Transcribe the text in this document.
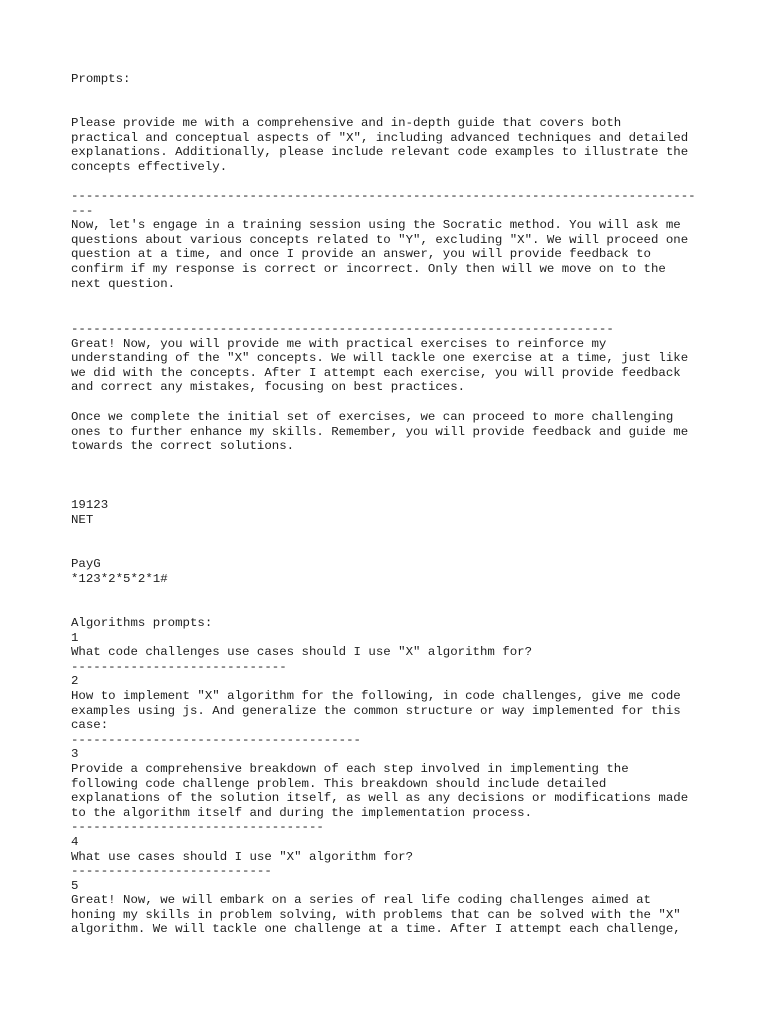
Prompts:

Please provide me with a comprehensive and in-depth guide that covers both
practical and conceptual aspects of "X", including advanced techniques and detailed
explanations. Additionally, please include relevant code examples to illustrate the
concepts effectively.

------------------------------------------------------------------------------------
---
Now, let's engage in a training session using the Socratic method. You will ask me
questions about various concepts related to "Y", excluding "X". We will proceed one
question at a time, and once I provide an answer, you will provide feedback to
confirm if my response is correct or incorrect. Only then will we move on to the
next question.

-------------------------------------------------------------------------
Great! Now, you will provide me with practical exercises to reinforce my
understanding of the "X" concepts. We will tackle one exercise at a time, just like
we did with the concepts. After I attempt each exercise, you will provide feedback
and correct any mistakes, focusing on best practices.

Once we complete the initial set of exercises, we can proceed to more challenging
ones to further enhance my skills. Remember, you will provide feedback and guide me
towards the correct solutions.

19123
NET

PayG
*123*2*5*2*1#

Algorithms prompts:
1
What code challenges use cases should I use "X" algorithm for?
-----------------------------
2
How to implement "X" algorithm for the following, in code challenges, give me code
examples using js. And generalize the common structure or way implemented for this
case:
---------------------------------------
3
Provide a comprehensive breakdown of each step involved in implementing the
following code challenge problem. This breakdown should include detailed
explanations of the solution itself, as well as any decisions or modifications made
to the algorithm itself and during the implementation process.
----------------------------------
4
What use cases should I use "X" algorithm for?
---------------------------
5
Great! Now, we will embark on a series of real life coding challenges aimed at
honing my skills in problem solving, with problems that can be solved with the "X"
algorithm. We will tackle one challenge at a time. After I attempt each challenge,
